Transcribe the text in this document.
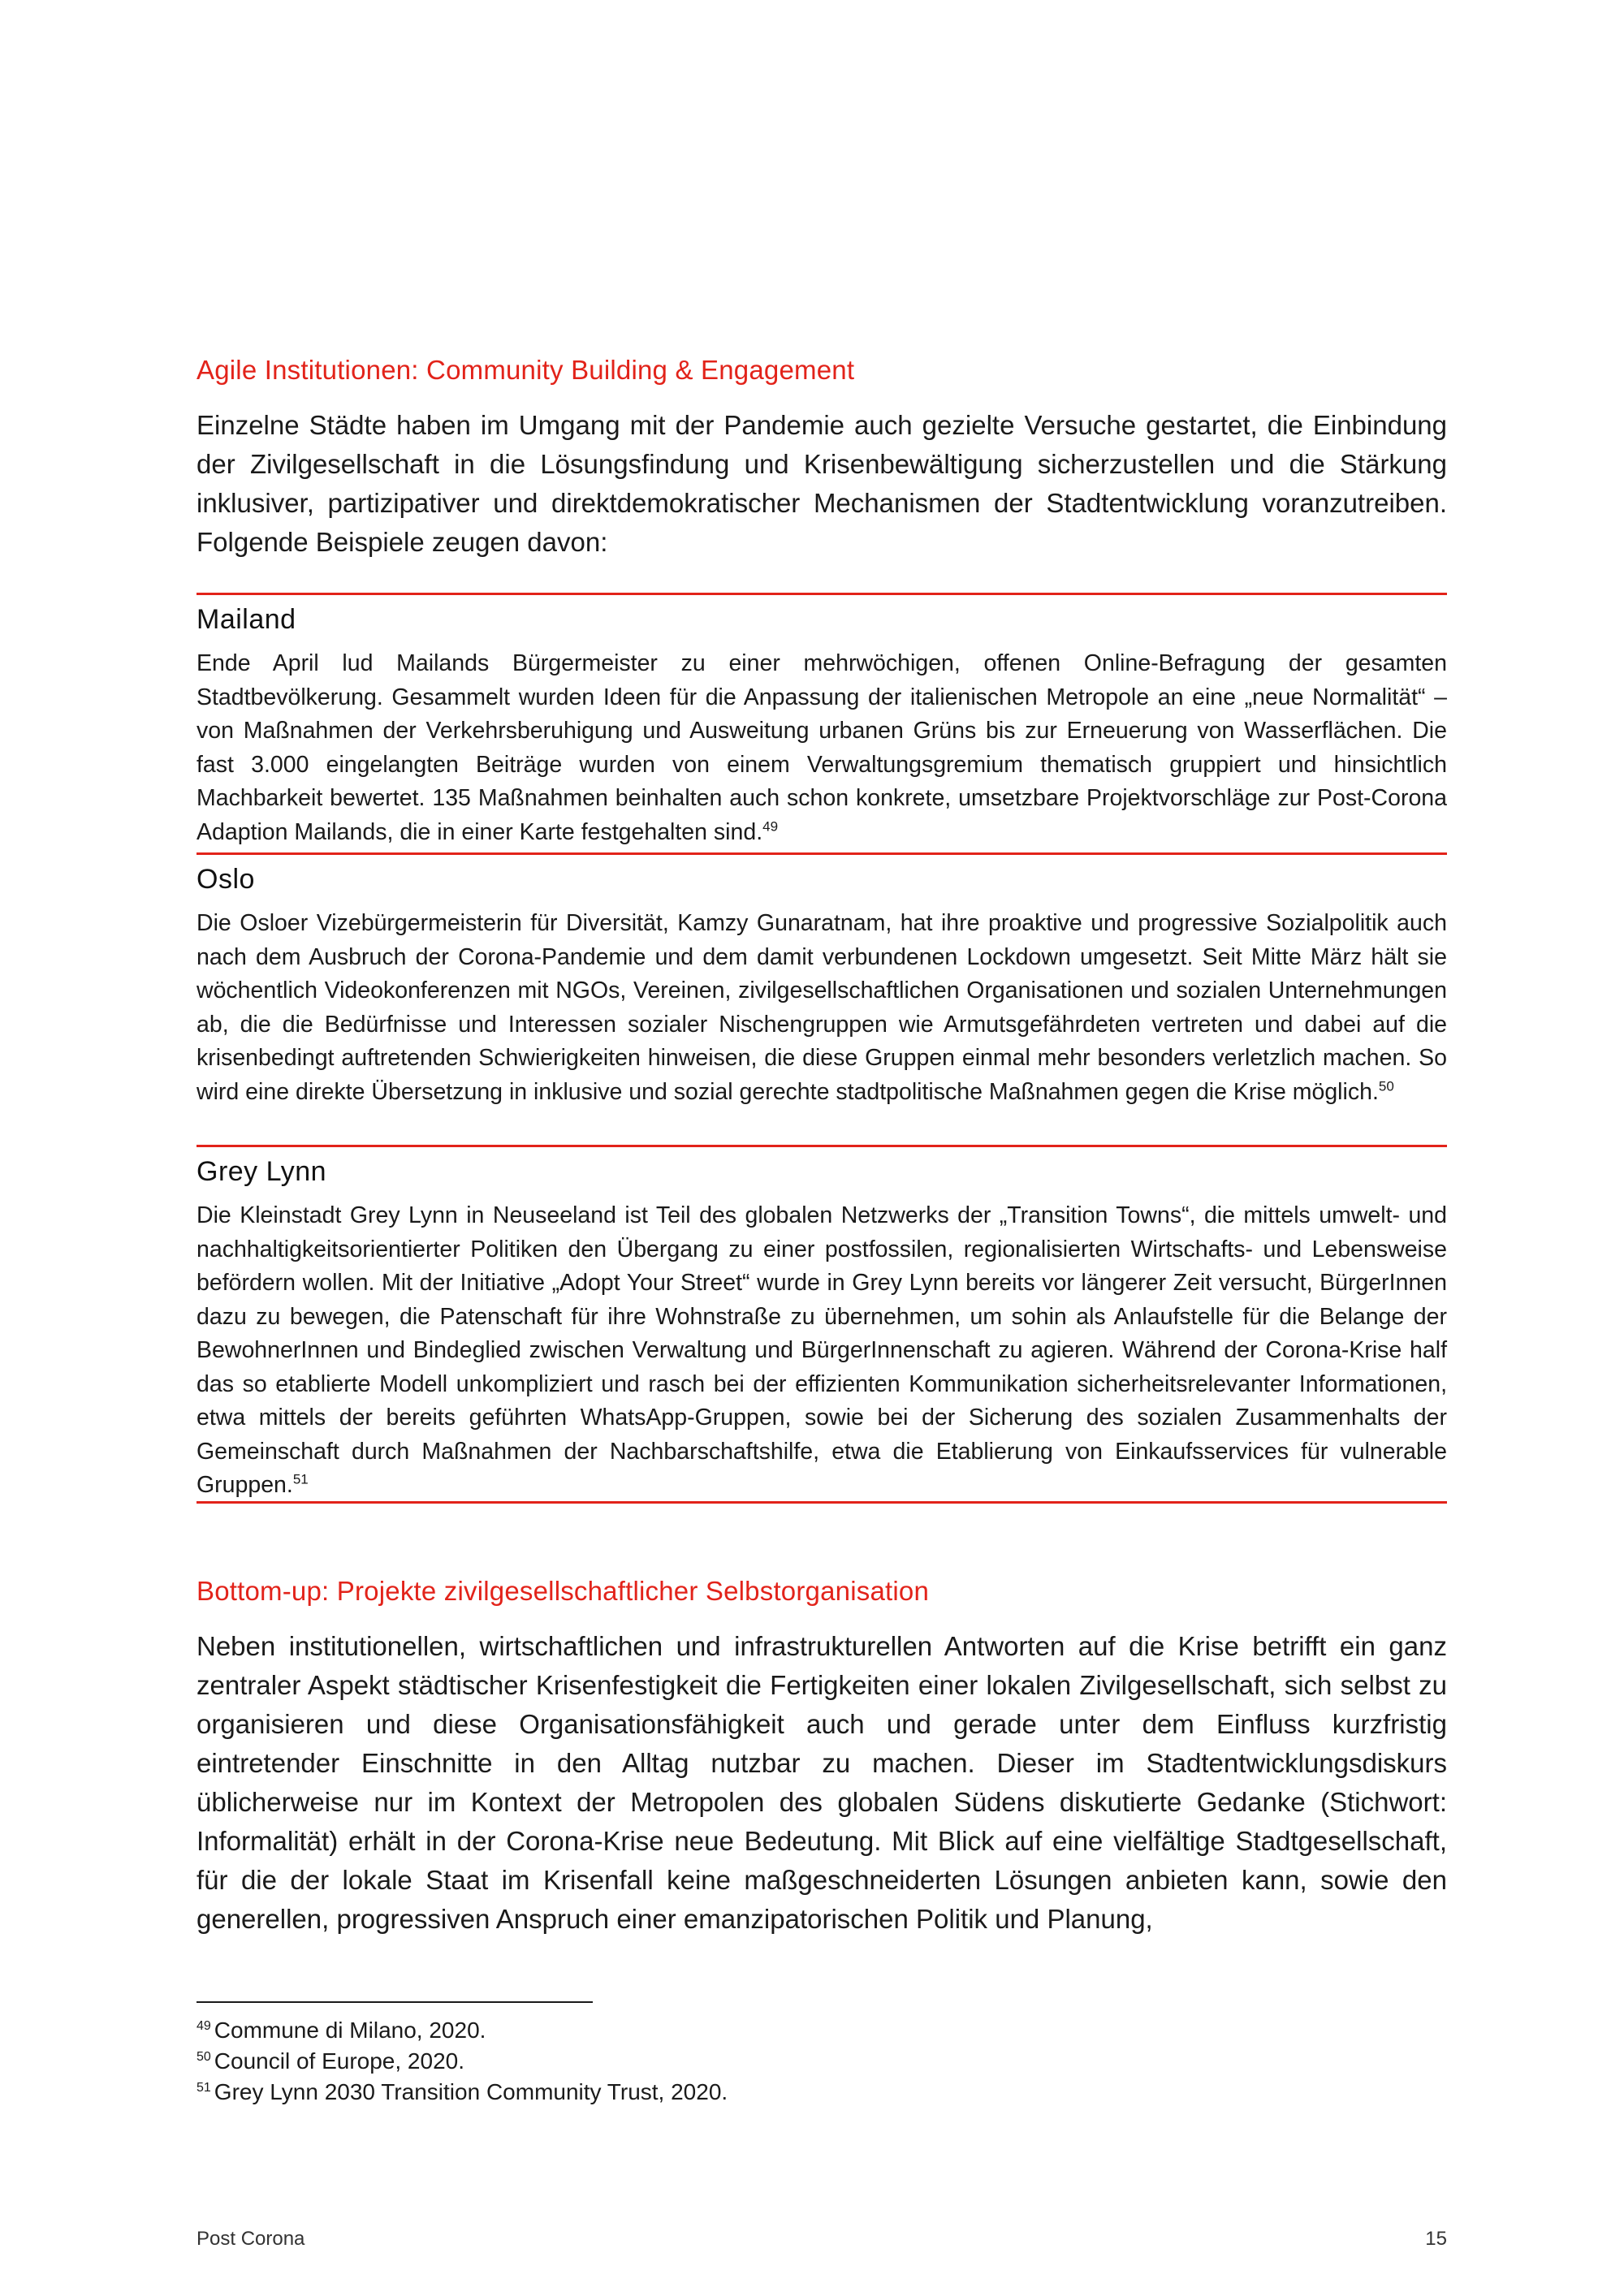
Agile Institutionen: Community Building & Engagement

Einzelne Städte haben im Umgang mit der Pandemie auch gezielte Versuche gestartet, die Einbindung der Zivilgesellschaft in die Lösungsfindung und Krisenbewältigung sicherzustellen und die Stärkung inklusiver, partizipativer und direktdemokratischer Mechanismen der Stadtentwicklung voranzutreiben. Folgende Beispiele zeugen davon:

Mailand

Ende April lud Mailands Bürgermeister zu einer mehrwöchigen, offenen Online-Befragung der gesamten Stadtbevölkerung. Gesammelt wurden Ideen für die Anpassung der italienischen Metropole an eine „neue Normalität“ – von Maßnahmen der Verkehrsberuhigung und Ausweitung urbanen Grüns bis zur Erneuerung von Wasserflächen. Die fast 3.000 eingelangten Beiträge wurden von einem Verwaltungsgremium thematisch gruppiert und hinsichtlich Machbarkeit bewertet. 135 Maßnahmen beinhalten auch schon konkrete, umsetzbare Projektvorschläge zur Post-Corona Adaption Mailands, die in einer Karte festgehalten sind.$^{49}$

Oslo

Die Osloer Vizebürgermeisterin für Diversität, Kamzy Gunaratnam, hat ihre proaktive und progressive Sozialpolitik auch nach dem Ausbruch der Corona-Pandemie und dem damit verbundenen Lockdown umgesetzt. Seit Mitte März hält sie wöchentlich Videokonferenzen mit NGOs, Vereinen, zivilgesellschaftlichen Organisationen und sozialen Unternehmungen ab, die die Bedürfnisse und Interessen sozialer Nischengruppen wie Armutsgefährdeten vertreten und dabei auf die krisenbedingt auftretenden Schwierigkeiten hinweisen, die diese Gruppen einmal mehr besonders verletzlich machen. So wird eine direkte Übersetzung in inklusive und sozial gerechte stadtpolitische Maßnahmen gegen die Krise möglich.$^{50}$

Grey Lynn

Die Kleinstadt Grey Lynn in Neuseeland ist Teil des globalen Netzwerks der „Transition Towns“, die mittels umwelt- und nachhaltigkeitsorientierter Politiken den Übergang zu einer postfossilen, regionalisierten Wirtschafts- und Lebensweise befördern wollen. Mit der Initiative „Adopt Your Street“ wurde in Grey Lynn bereits vor längerer Zeit versucht, BürgerInnen dazu zu bewegen, die Patenschaft für ihre Wohnstraße zu übernehmen, um sohin als Anlaufstelle für die Belange der BewohnerInnen und Bindeglied zwischen Verwaltung und BürgerInnenschaft zu agieren. Während der Corona-Krise half das so etablierte Modell unkompliziert und rasch bei der effizienten Kommunikation sicherheitsrelevanter Informationen, etwa mittels der bereits geführten WhatsApp-Gruppen, sowie bei der Sicherung des sozialen Zusammenhalts der Gemeinschaft durch Maßnahmen der Nachbarschaftshilfe, etwa die Etablierung von Einkaufsservices für vulnerable Gruppen.$^{51}$

Bottom-up: Projekte zivilgesellschaftlicher Selbstorganisation

Neben institutionellen, wirtschaftlichen und infrastrukturellen Antworten auf die Krise betrifft ein ganz zentraler Aspekt städtischer Krisenfestigkeit die Fertigkeiten einer lokalen Zivilgesellschaft, sich selbst zu organisieren und diese Organisationsfähigkeit auch und gerade unter dem Einfluss kurzfristig eintretender Einschnitte in den Alltag nutzbar zu machen. Dieser im Stadtentwicklungsdiskurs üblicherweise nur im Kontext der Metropolen des globalen Südens diskutierte Gedanke (Stichwort: Informalität) erhält in der Corona-Krise neue Bedeutung. Mit Blick auf eine vielfältige Stadtgesellschaft, für die der lokale Staat im Krisenfall keine maßgeschneiderten Lösungen anbieten kann, sowie den generellen, progressiven Anspruch einer emanzipatorischen Politik und Planung,

$^{49}$ Commune di Milano, 2020.

$^{50}$ Council of Europe, 2020.

$^{51}$ Grey Lynn 2030 Transition Community Trust, 2020.

Post Corona	15
